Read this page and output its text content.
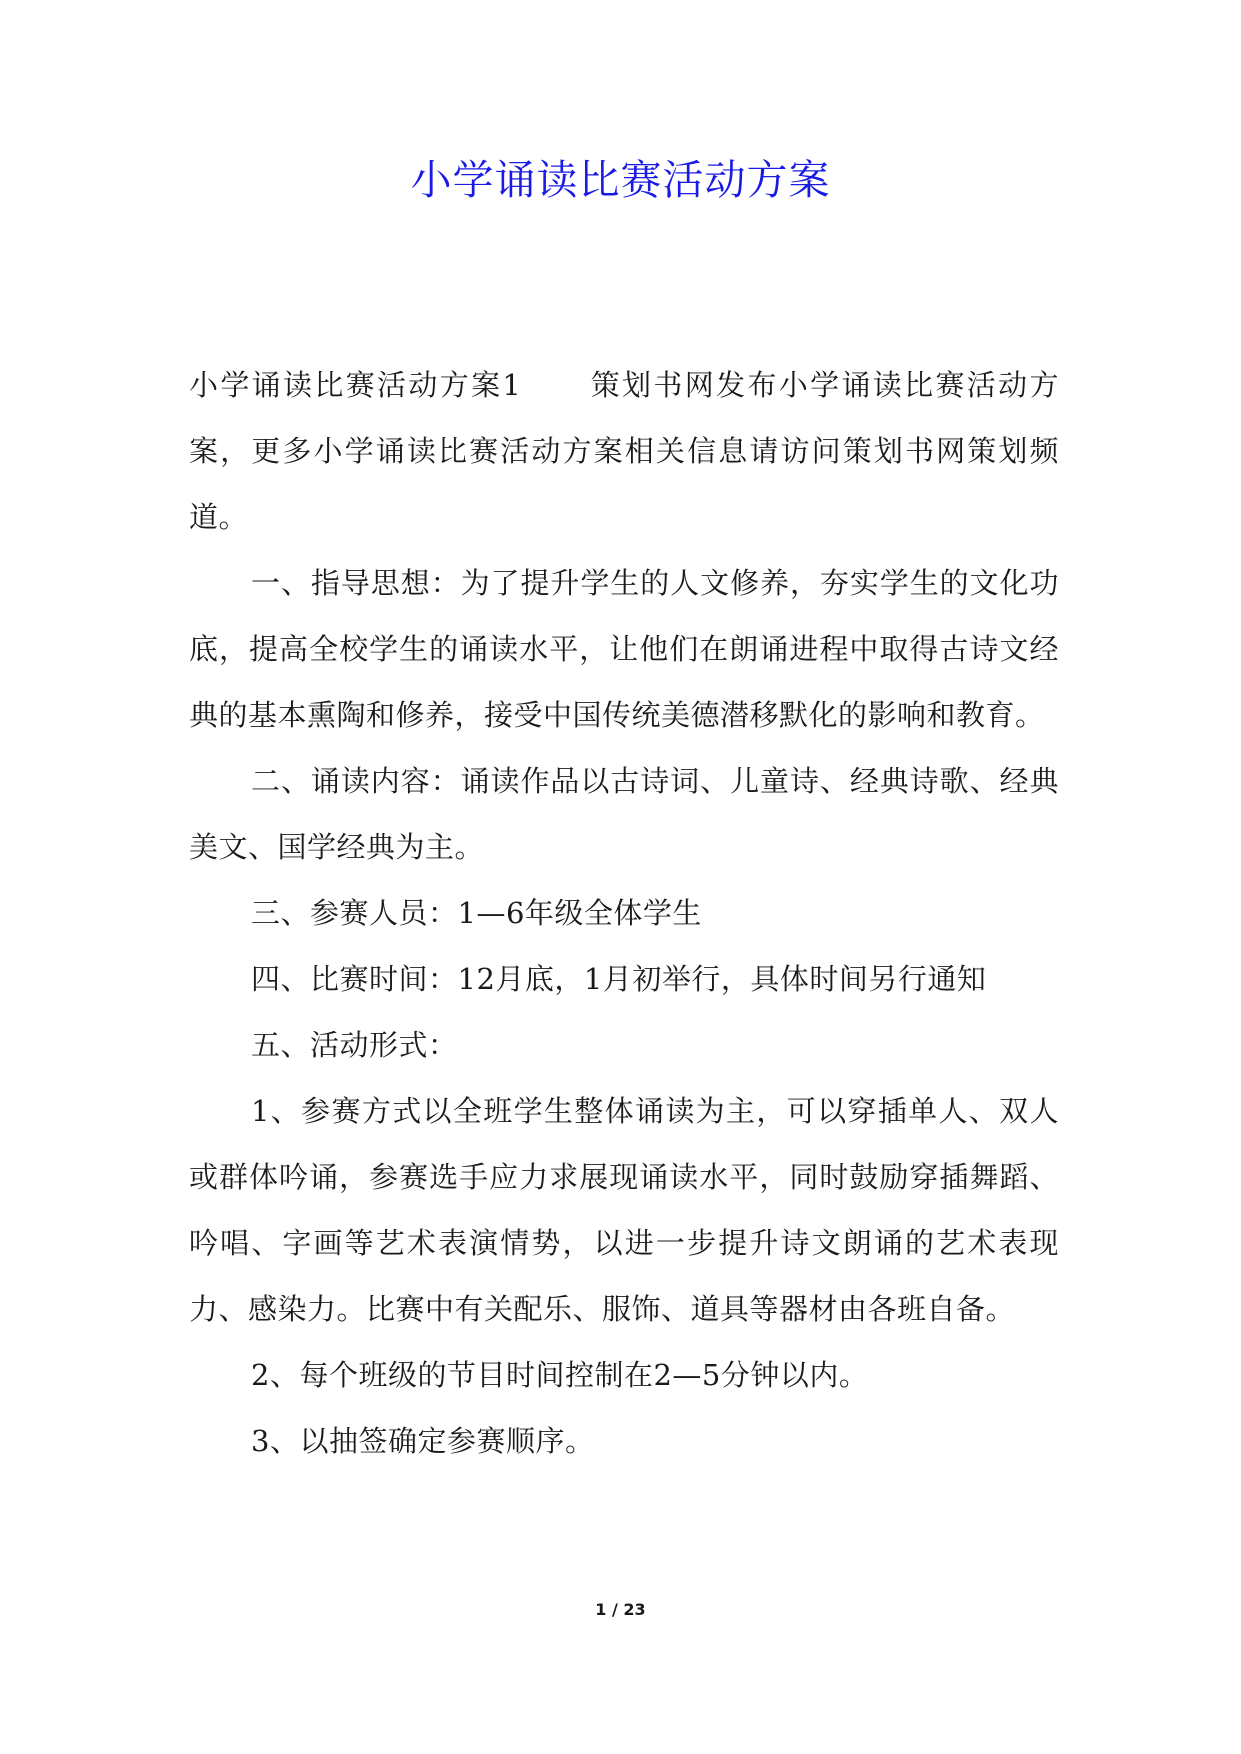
小学诵读比赛活动方案

小学诵读比赛活动方案1 策划书网发布小学诵读比赛活动方案，更多小学诵读比赛活动方案相关信息请访问策划书网策划频道。

一、指导思想：为了提升学生的人文修养，夯实学生的文化功底，提高全校学生的诵读水平，让他们在朗诵进程中取得古诗文经典的基本熏陶和修养，接受中国传统美德潜移默化的影响和教育。

二、诵读内容：诵读作品以古诗词、儿童诗、经典诗歌、经典美文、国学经典为主。

三、参赛人员：1—6年级全体学生

四、比赛时间：12月底，1月初举行，具体时间另行通知

五、活动形式：

1、参赛方式以全班学生整体诵读为主，可以穿插单人、双人或群体吟诵，参赛选手应力求展现诵读水平，同时鼓励穿插舞蹈、吟唱、字画等艺术表演情势，以进一步提升诗文朗诵的艺术表现力、感染力。比赛中有关配乐、服饰、道具等器材由各班自备。

2、每个班级的节目时间控制在2—5分钟以内。

3、以抽签确定参赛顺序。

1 / 23
